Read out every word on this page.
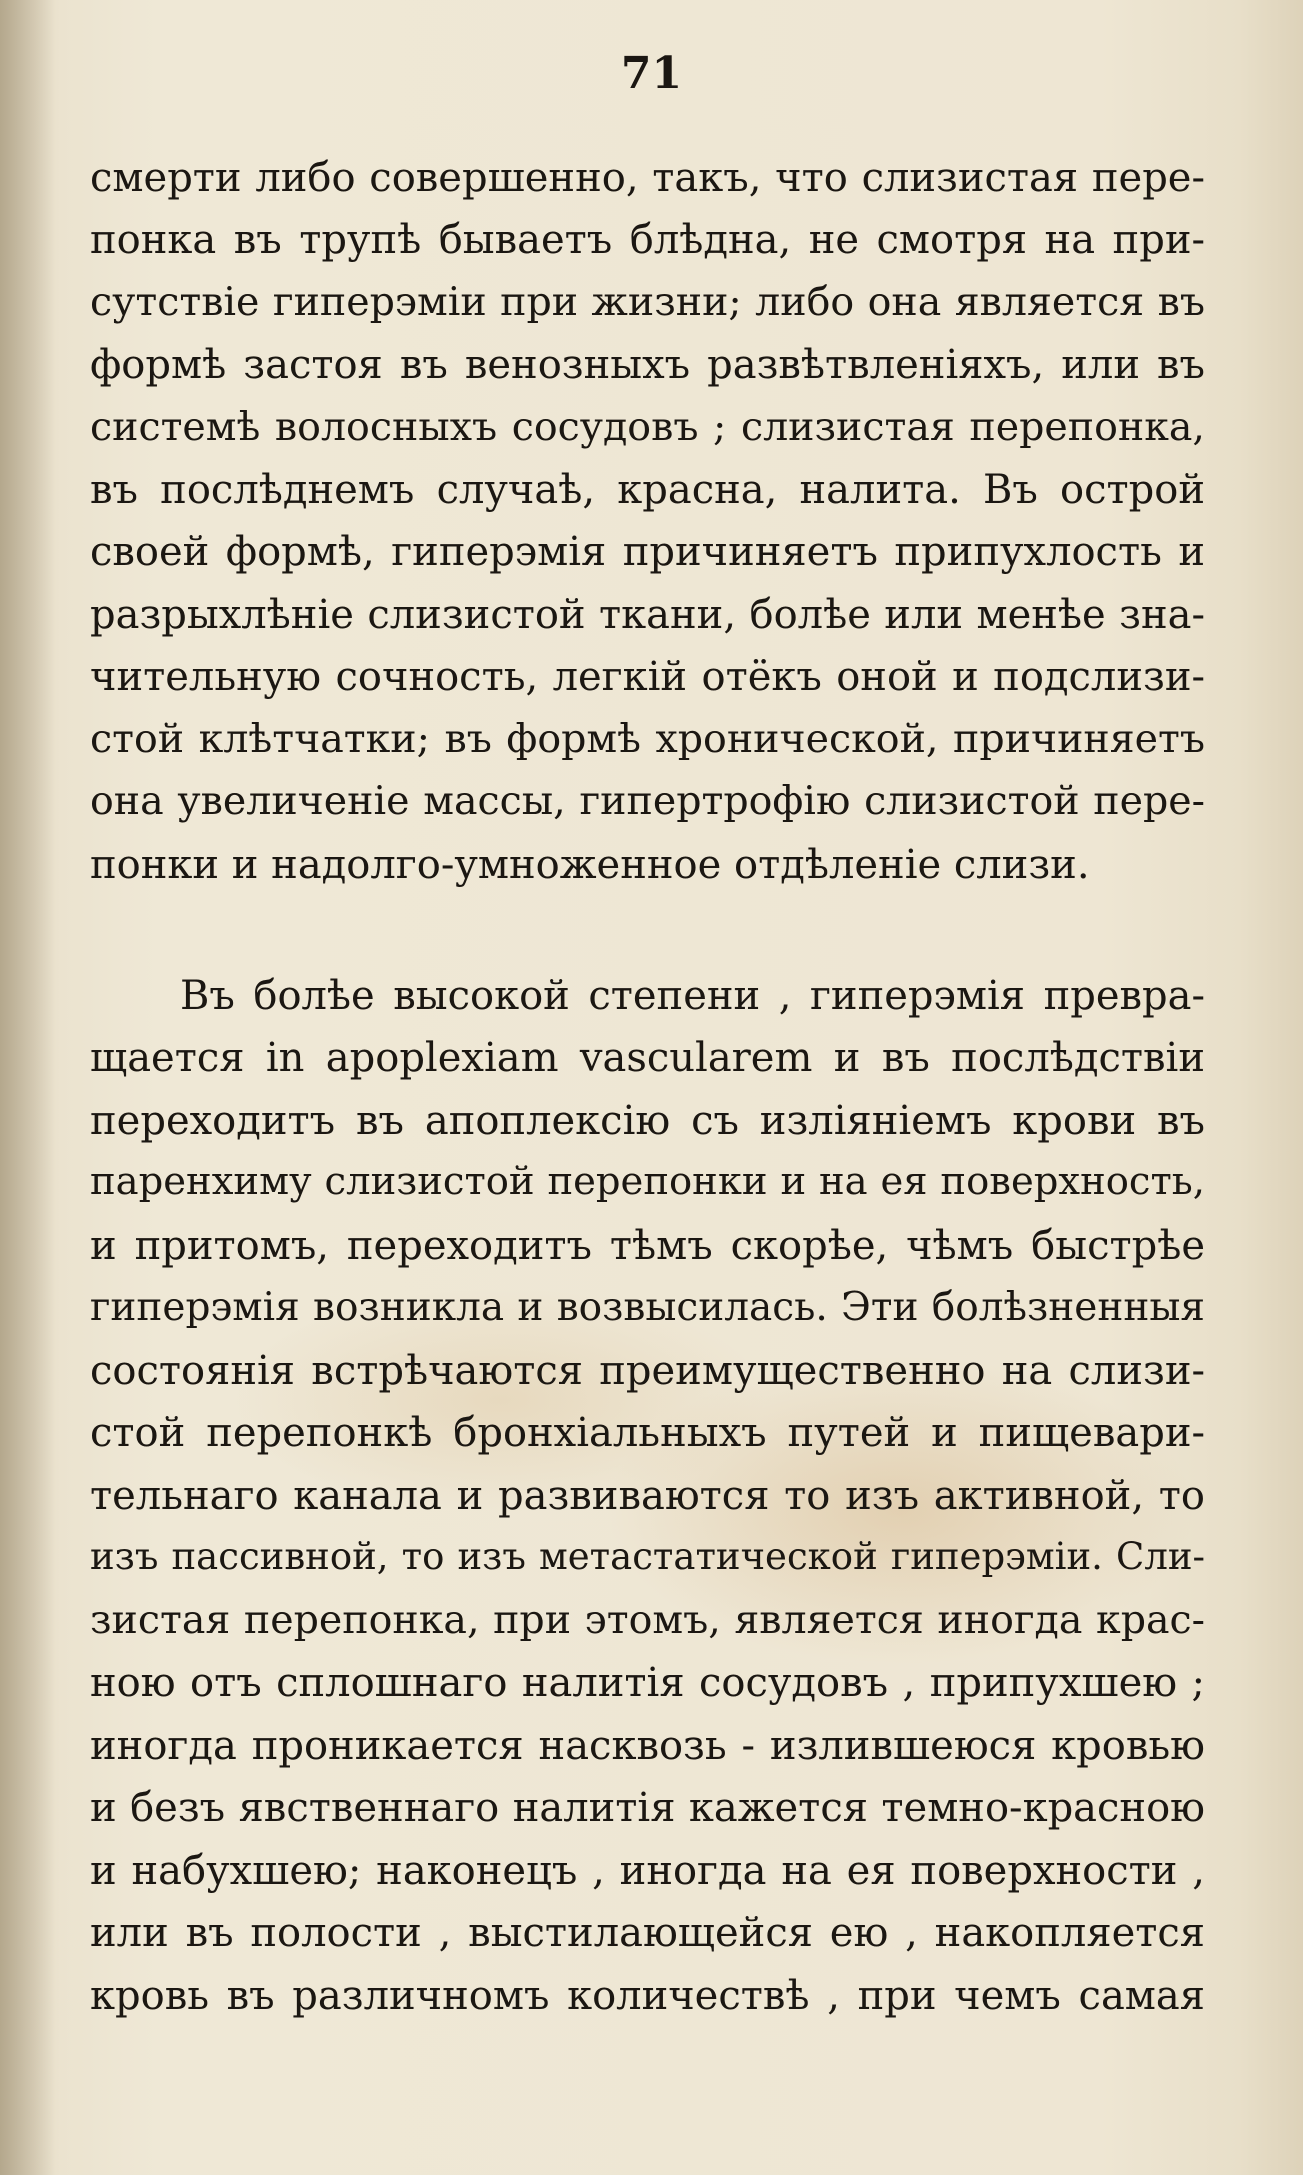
71
смерти либо совершенно, такъ, что слизистая пере-
понка въ трупѣ бываетъ блѣдна, не смотря на при-
сутствіе гиперэміи при жизни; либо она является въ
формѣ застоя въ венозныхъ развѣтвленіяхъ, или въ
системѣ волосныхъ сосудовъ ; слизистая перепонка,
въ послѣднемъ случаѣ, красна, налита. Въ острой
своей формѣ, гиперэмія причиняетъ припухлость и
разрыхлѣніе слизистой ткани, болѣе или менѣе зна-
чительную сочность, легкій отёкъ оной и подслизи-
стой клѣтчатки; въ формѣ хронической, причиняетъ
она увеличеніе массы, гипертрофію слизистой пере-
понки и надолго-умноженное отдѣленіе слизи.
Въ болѣе высокой степени , гиперэмія превра-
щается in apoplexiam vascularem и въ послѣдствіи
переходитъ въ апоплексію съ изліяніемъ крови въ
паренхиму слизистой перепонки и на ея поверхность,
и притомъ, переходитъ тѣмъ скорѣе, чѣмъ быстрѣе
гиперэмія возникла и возвысилась. Эти болѣзненныя
состоянія встрѣчаются преимущественно на слизи-
стой перепонкѣ бронхіальныхъ путей и пищевари-
тельнаго канала и развиваются то изъ активной, то
изъ пассивной, то изъ метастатической гиперэміи. Сли-
зистая перепонка, при этомъ, является иногда крас-
ною отъ сплошнаго налитія сосудовъ , припухшею ;
иногда проникается насквозь - излившеюся кровью
и безъ явственнаго налитія кажется темно-красною
и набухшею; наконецъ , иногда на ея поверхности ,
или въ полости , выстилающейся ею , накопляется
кровь въ различномъ количествѣ , при чемъ самая
